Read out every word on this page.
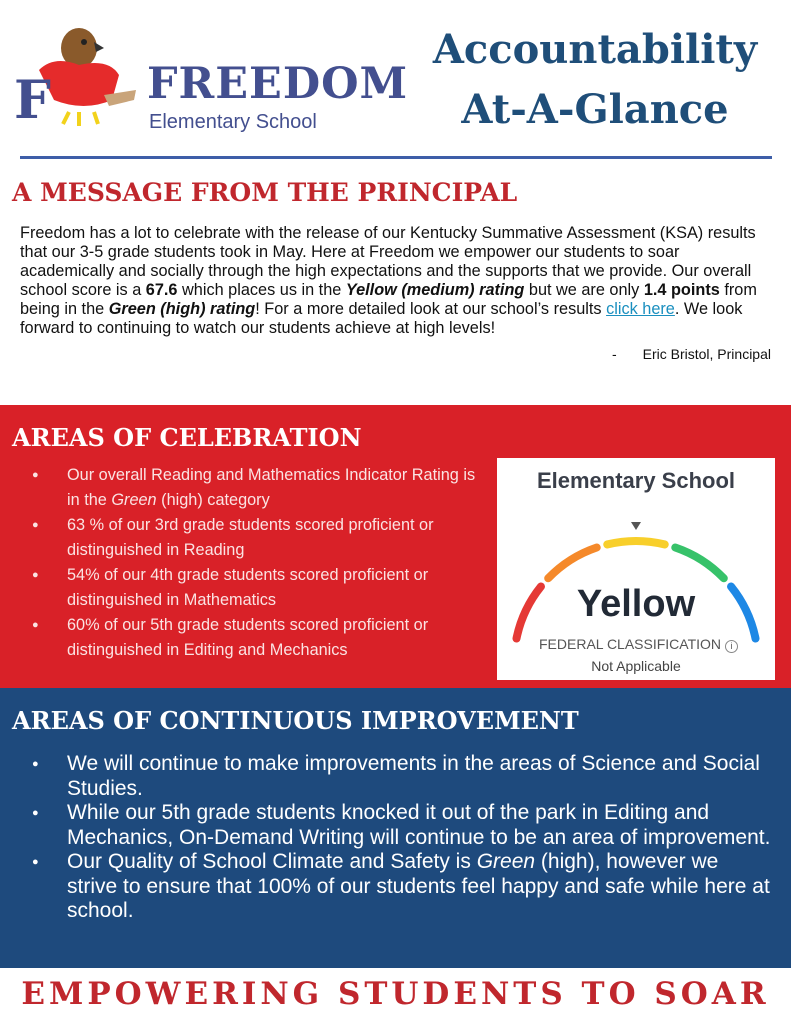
F FREEDOM
Elementary School
Accountability
At-A-Glance
A MESSAGE FROM THE PRINCIPAL

Freedom has a lot to celebrate with the release of our Kentucky Summative Assessment (KSA) results that our 3-5 grade students took in May. Here at Freedom we empower our students to soar academically and socially through the high expectations and the supports that we provide. Our overall school score is a 67.6 which places us in the Yellow (medium) rating but we are only 1.4 points from being in the Green (high) rating! For a more detailed look at our school’s results click here. We look forward to continuing to watch our students achieve at high levels!

- Eric Bristol, Principal
AREAS OF CELEBRATION
● Our overall Reading and Mathematics Indicator Rating is in the Green (high) category
● 63 % of our 3rd grade students scored proficient or distinguished in Reading
● 54% of our 4th grade students scored proficient or distinguished in Mathematics
● 60% of our 5th grade students scored proficient or distinguished in Editing and Mechanics
Elementary School
Yellow
FEDERAL CLASSIFICATION i
Not Applicable
AREAS OF CONTINUOUS IMPROVEMENT
● We will continue to make improvements in the areas of Science and Social Studies.
● While our 5th grade students knocked it out of the park in Editing and Mechanics, On-Demand Writing will continue to be an area of improvement.
● Our Quality of School Climate and Safety is Green (high), however we strive to ensure that 100% of our students feel happy and safe while here at school.
EMPOWERING STUDENTS TO SOAR
